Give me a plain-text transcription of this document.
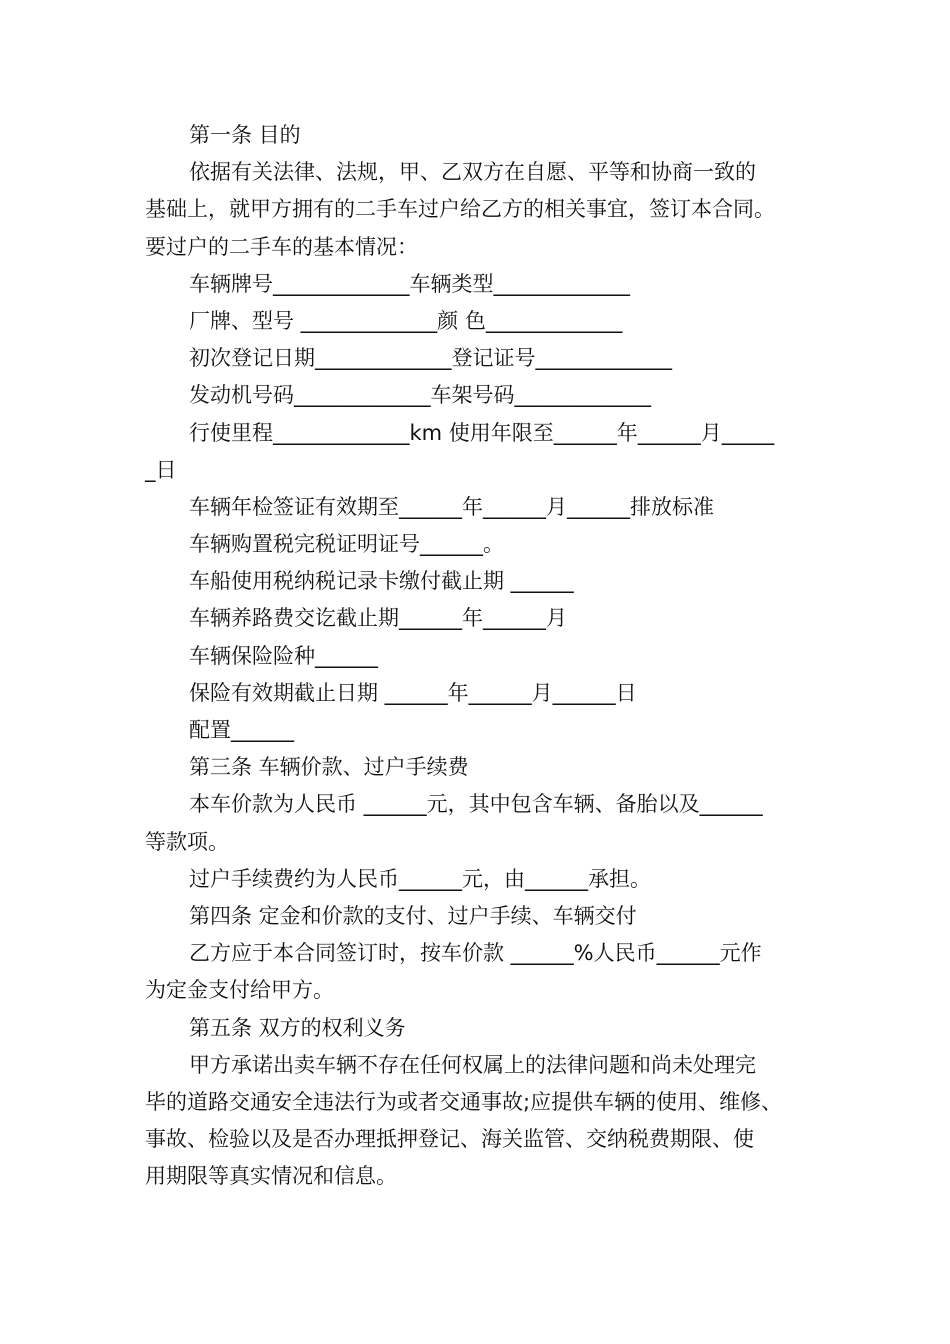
第一条 目的
依据有关法律、法规，甲、乙双方在自愿、平等和协商一致的
基础上，就甲方拥有的二手车过户给乙方的相关事宜，签订本合同。
要过户的二手车的基本情况：
车辆牌号_____________车辆类型_____________
厂牌、型号 _____________颜 色_____________
初次登记日期_____________登记证号_____________
发动机号码_____________车架号码_____________
行使里程_____________km 使用年限至______年______月_____
_日
车辆年检签证有效期至______年______月______排放标准
车辆购置税完税证明证号______。
车船使用税纳税记录卡缴付截止期 ______
车辆养路费交讫截止期______年______月
车辆保险险种______
保险有效期截止日期 ______年______月______日
配置______
第三条 车辆价款、过户手续费
本车价款为人民币 ______元，其中包含车辆、备胎以及______
等款项。
过户手续费约为人民币______元，由______承担。
第四条 定金和价款的支付、过户手续、车辆交付
乙方应于本合同签订时，按车价款 ______%人民币______元作
为定金支付给甲方。
第五条 双方的权利义务
甲方承诺出卖车辆不存在任何权属上的法律问题和尚未处理完
毕的道路交通安全违法行为或者交通事故;应提供车辆的使用、维修、
事故、检验以及是否办理抵押登记、海关监管、交纳税费期限、使
用期限等真实情况和信息。
